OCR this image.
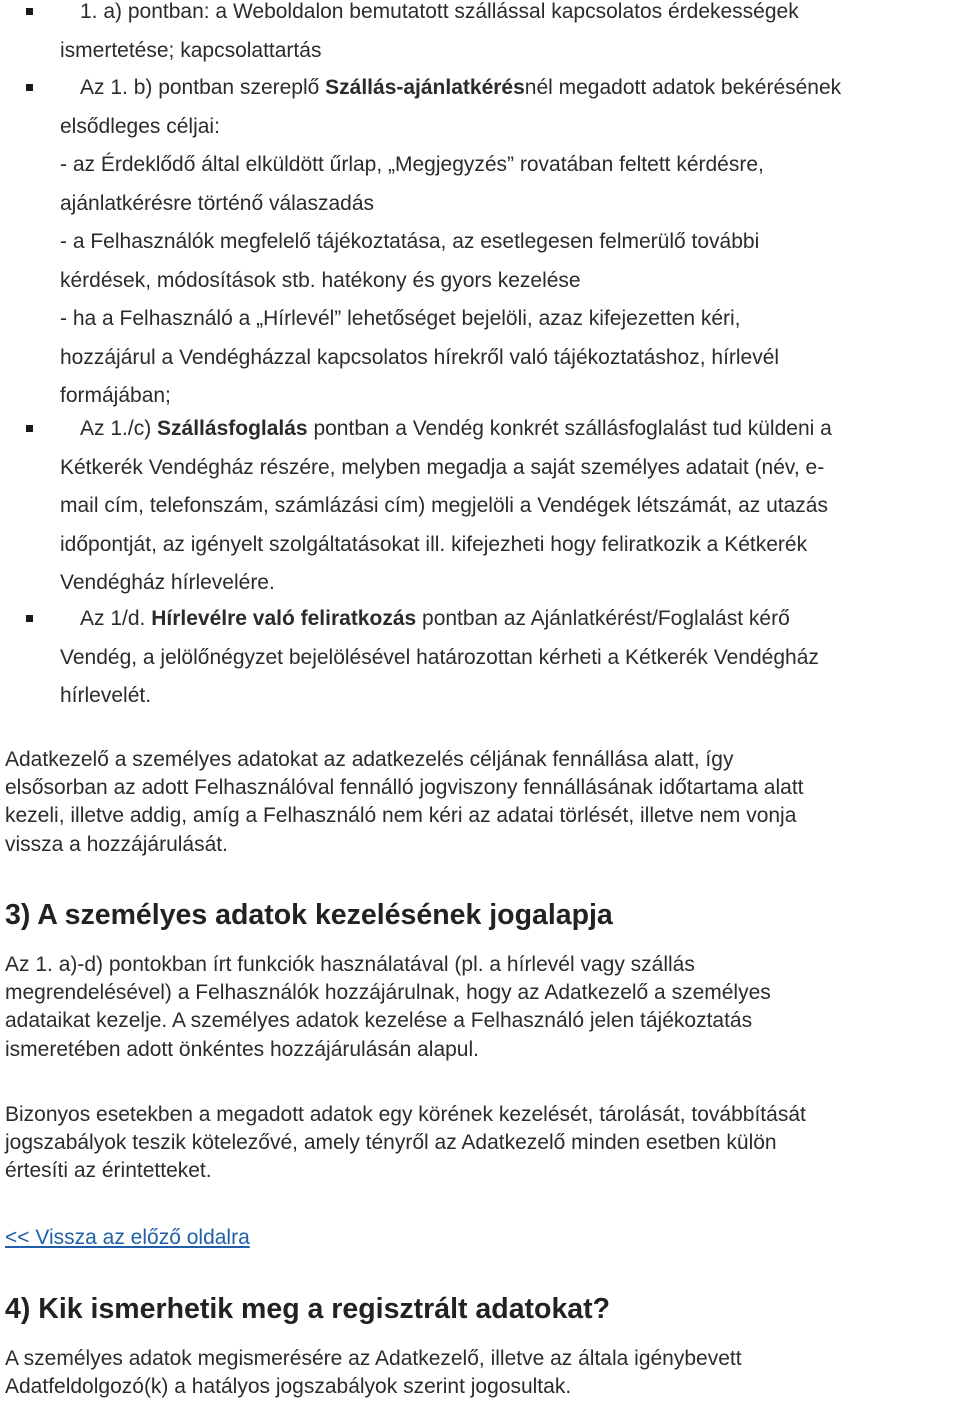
1. a) pontban: a Weboldalon bemutatott szállással kapcsolatos érdekességek
ismertetése; kapcsolattartás
Az 1. b) pontban szereplő Szállás-ajánlatkérésnél megadott adatok bekérésének
elsődleges céljai:
- az Érdeklődő által elküldött űrlap, „Megjegyzés” rovatában feltett kérdésre,
ajánlatkérésre történő válaszadás
- a Felhasználók megfelelő tájékoztatása, az esetlegesen felmerülő további
kérdések, módosítások stb. hatékony és gyors kezelése
- ha a Felhasználó a „Hírlevél” lehetőséget bejelöli, azaz kifejezetten kéri,
hozzájárul a Vendégházzal kapcsolatos hírekről való tájékoztatáshoz, hírlevél
formájában;
Az 1./c) Szállásfoglalás pontban a Vendég konkrét szállásfoglalást tud küldeni a
Kétkerék Vendégház részére, melyben megadja a saját személyes adatait (név, e-
mail cím, telefonszám, számlázási cím) megjelöli a Vendégek létszámát, az utazás
időpontját, az igényelt szolgáltatásokat ill. kifejezheti hogy feliratkozik a Kétkerék
Vendégház hírlevelére.
Az 1/d. Hírlevélre való feliratkozás pontban az Ajánlatkérést/Foglalást kérő
Vendég, a jelölőnégyzet bejelölésével határozottan kérheti a Kétkerék Vendégház
hírlevelét.
Adatkezelő a személyes adatokat az adatkezelés céljának fennállása alatt, így
elsősorban az adott Felhasználóval fennálló jogviszony fennállásának időtartama alatt
kezeli, illetve addig, amíg a Felhasználó nem kéri az adatai törlését, illetve nem vonja
vissza a hozzájárulását.
3) A személyes adatok kezelésének jogalapja
Az 1. a)-d) pontokban írt funkciók használatával (pl. a hírlevél vagy szállás
megrendelésével) a Felhasználók hozzájárulnak, hogy az Adatkezelő a személyes
adataikat kezelje. A személyes adatok kezelése a Felhasználó jelen tájékoztatás
ismeretében adott önkéntes hozzájárulásán alapul.
Bizonyos esetekben a megadott adatok egy körének kezelését, tárolását, továbbítását
jogszabályok teszik kötelezővé, amely tényről az Adatkezelő minden esetben külön
értesíti az érintetteket.
<< Vissza az előző oldalra
4) Kik ismerhetik meg a regisztrált adatokat?
A személyes adatok megismerésére az Adatkezelő, illetve az általa igénybevett
Adatfeldolgozó(k) a hatályos jogszabályok szerint jogosultak.
